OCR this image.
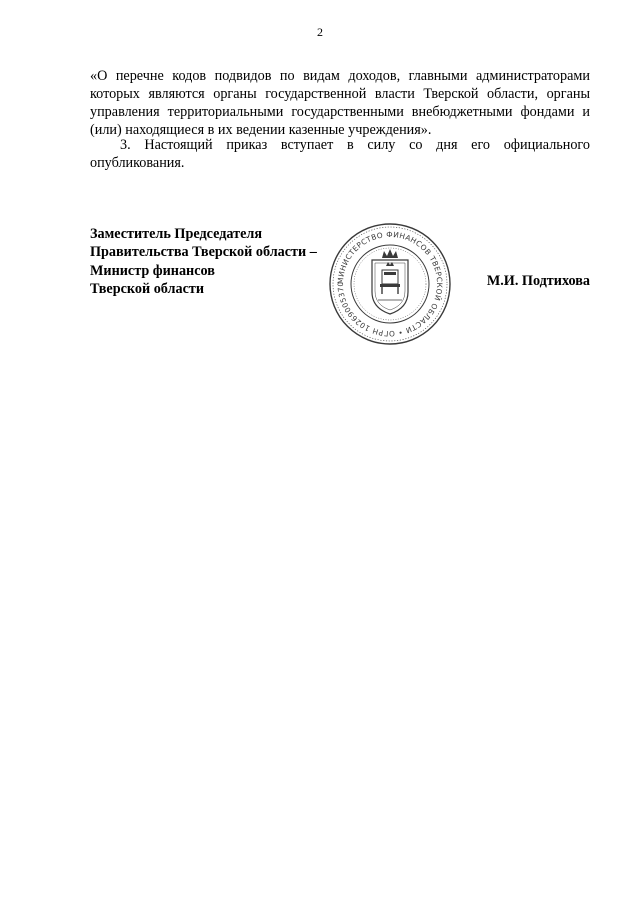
2
«О перечне кодов подвидов по видам доходов, главными администраторами которых являются органы государственной власти Тверской области, органы управления территориальными государственными внебюджетными фондами и (или) находящиеся в их ведении казенные учреждения».
3. Настоящий приказ вступает в силу со дня его официального опубликования.
Заместитель Председателя
Правительства Тверской области –
Министр финансов
Тверской области
МИНИСТЕРСТВО ФИНАНСОВ ТВЕРСКОЙ ОБЛАСТИ • ОГРН 10269005370	М.И. Подтихова
